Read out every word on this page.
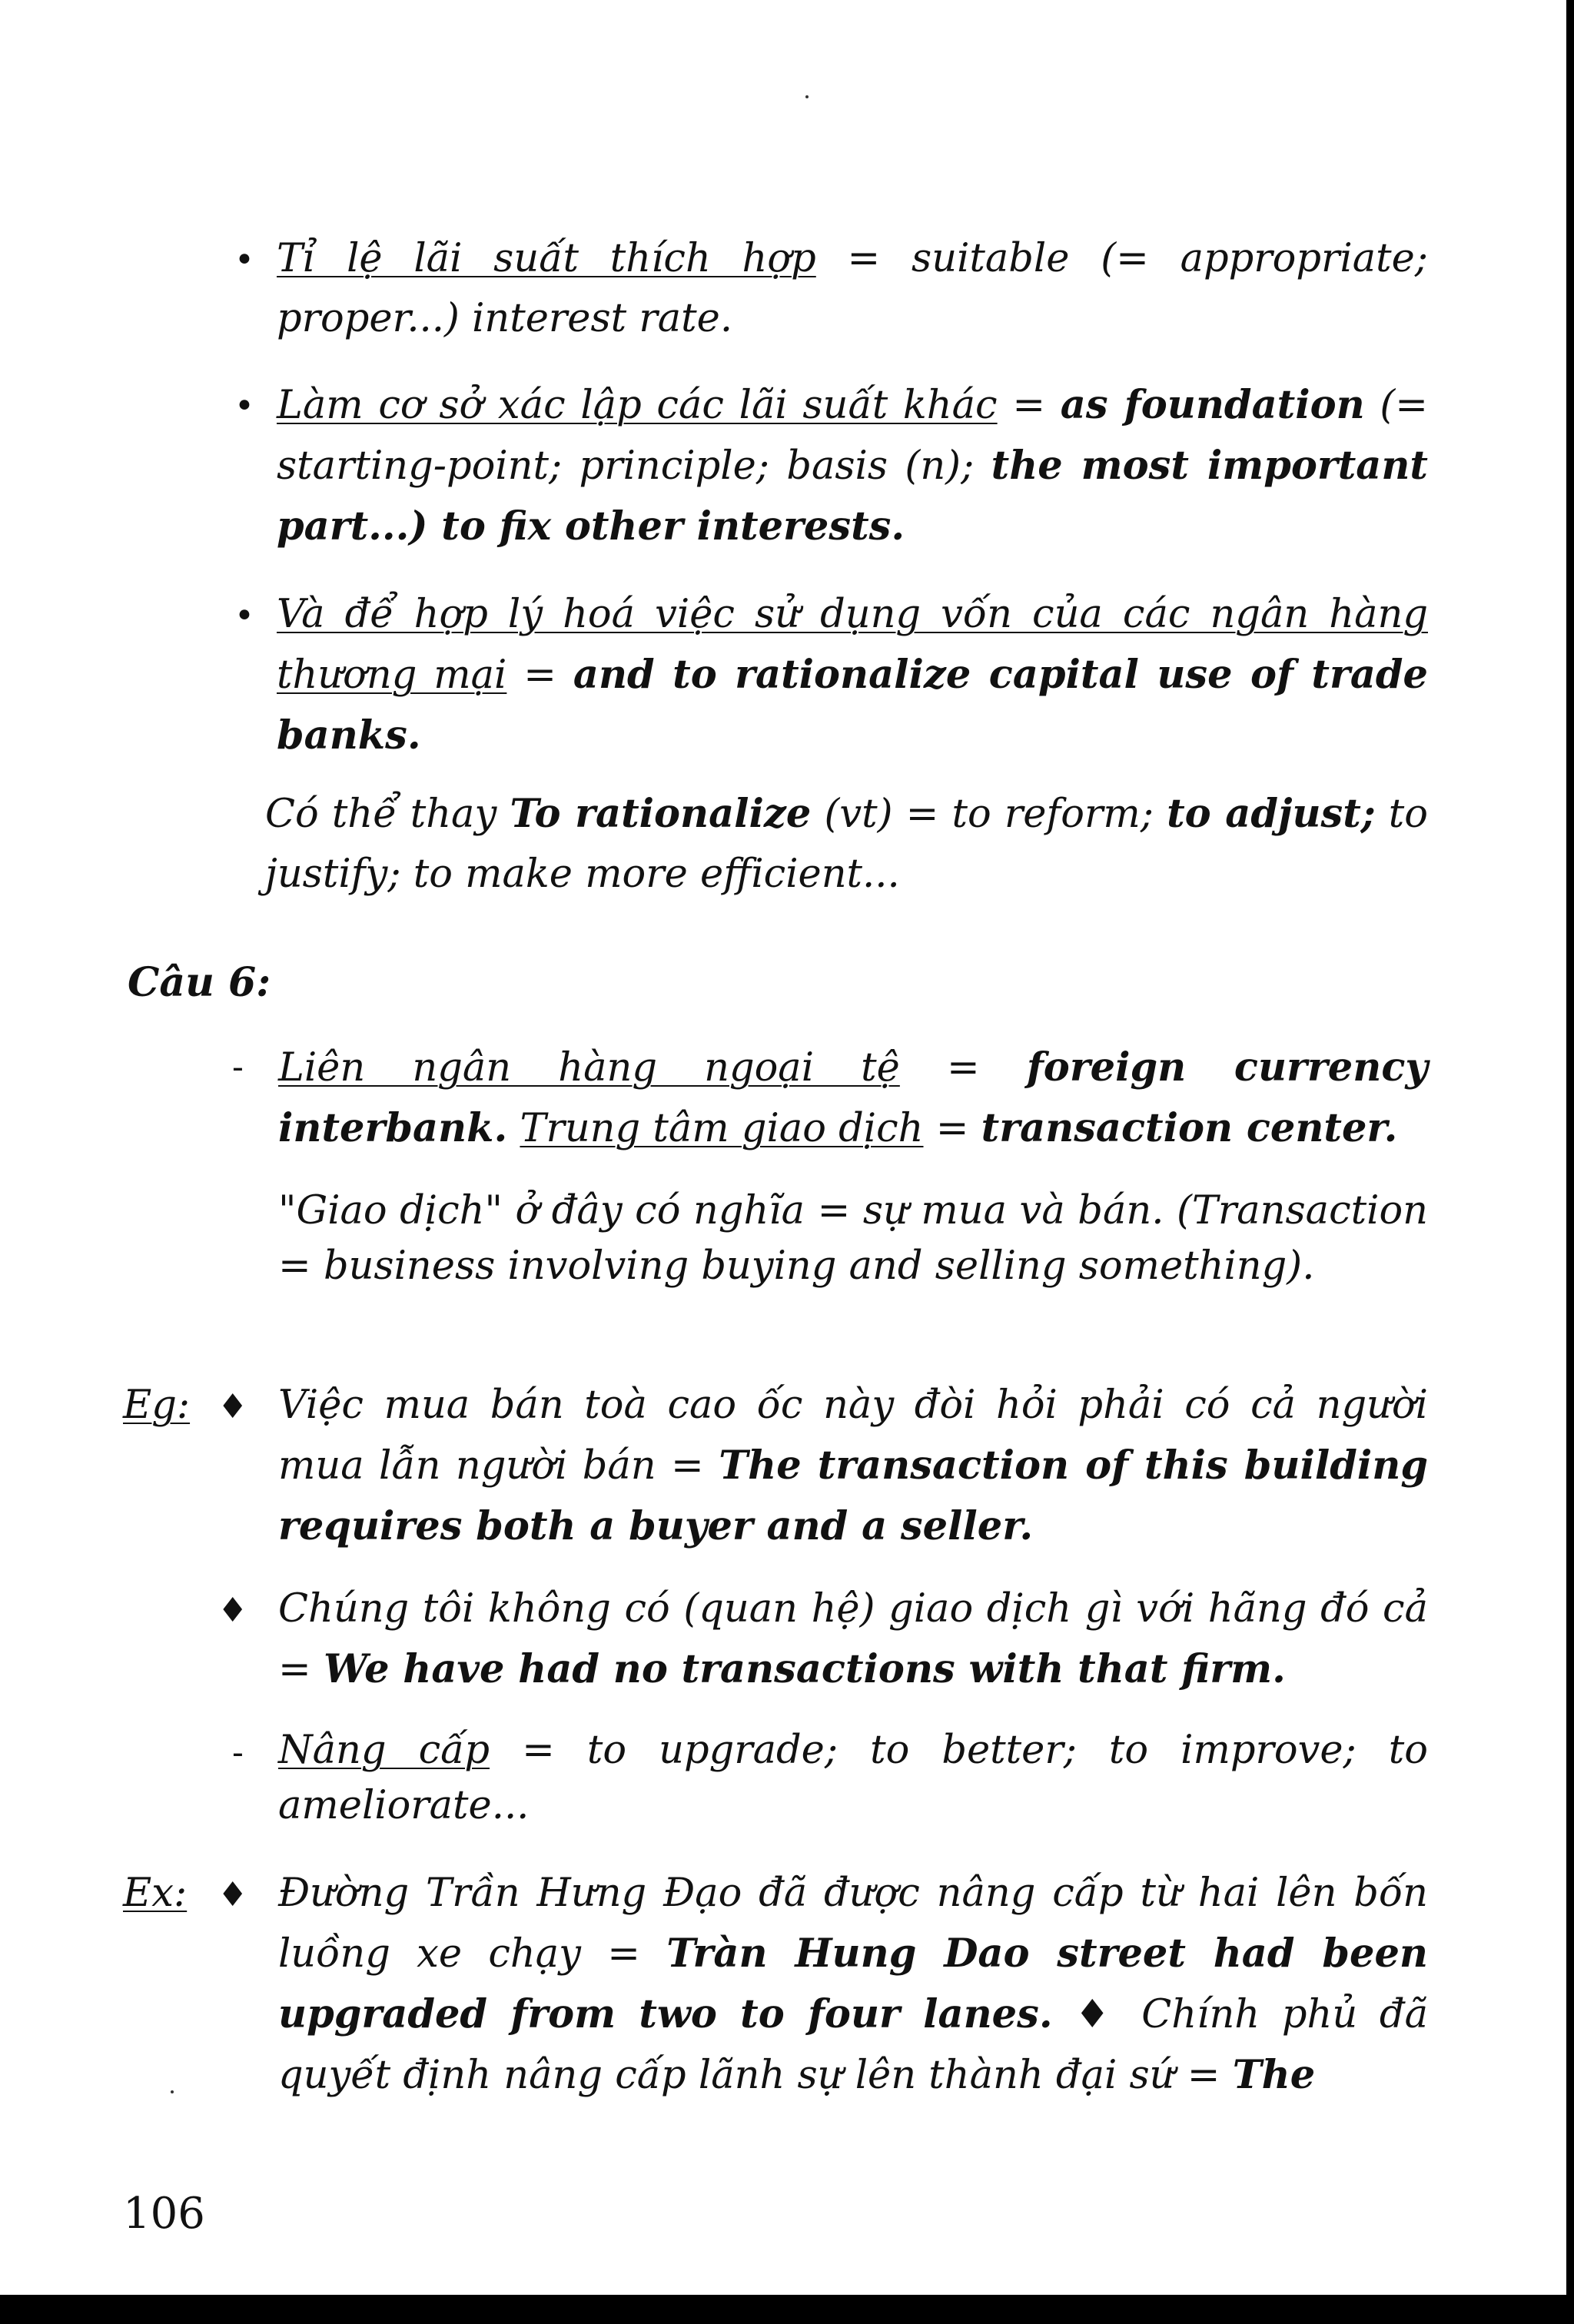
• Tỉ lệ lãi suất thích hợp = suitable (= appropriate; proper...) interest rate.
• Làm cơ sở xác lập các lãi suất khác = as foundation (= starting-point; principle; basis (n); the most important part...) to fix other interests.
• Và để hợp lý hoá việc sử dụng vốn của các ngân hàng thương mại = and to rationalize capital use of trade banks.
Có thể thay To rationalize (vt) = to reform; to adjust; to justify; to make more efficient...
Câu 6:
- Liên ngân hàng ngoại tệ = foreign currency interbank. Trung tâm giao dịch = transaction center.
"Giao dịch" ở đây có nghĩa = sự mua và bán. (Transaction = business involving buying and selling something).
Eg: ♦ Việc mua bán toà cao ốc này đòi hỏi phải có cả người mua lẫn người bán = The transaction of this building requires both a buyer and a seller.
♦ Chúng tôi không có (quan hệ) giao dịch gì với hãng đó cả = We have had no transactions with that firm.
- Nâng cấp = to upgrade; to better; to improve; to ameliorate...
Ex: ♦ Đường Trần Hưng Đạo đã được nâng cấp từ hai lên bốn luồng xe chạy = Tràn Hung Dao street had been upgraded from two to four lanes. ♦ Chính phủ đã quyết định nâng cấp lãnh sự lên thành đại sứ = The
106
